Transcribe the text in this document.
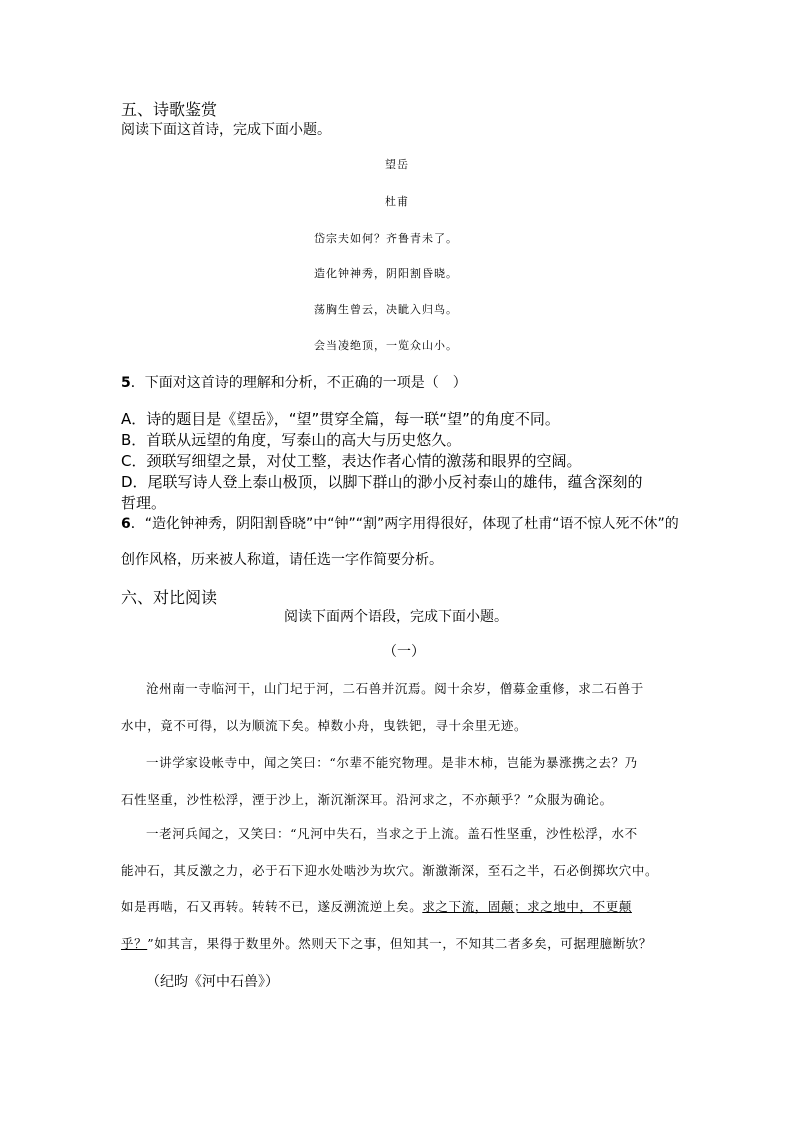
五、诗歌鉴赏
阅读下面这首诗，完成下面小题。
望岳
杜甫
岱宗夫如何？齐鲁青未了。
造化钟神秀，阴阳割昏晓。
荡胸生曾云，决眦入归鸟。
会当凌绝顶，一览众山小。
5．下面对这首诗的理解和分析，不正确的一项是（　）
A．诗的题目是《望岳》，“望”贯穿全篇，每一联“望”的角度不同。
B．首联从远望的角度，写泰山的高大与历史悠久。
C．颈联写细望之景，对仗工整，表达作者心情的激荡和眼界的空阔。
D．尾联写诗人登上泰山极顶，以脚下群山的渺小反衬泰山的雄伟，蕴含深刻的
哲理。
6．“造化钟神秀，阴阳割昏晓”中“钟”“割”两字用得很好，体现了杜甫“语不惊人死不休”的
创作风格，历来被人称道，请任选一字作简要分析。
六、对比阅读
阅读下面两个语段，完成下面小题。
（一）
沧州南一寺临河干，山门圮于河，二石兽并沉焉。阅十余岁，僧募金重修，求二石兽于
水中，竟不可得，以为顺流下矣。棹数小舟，曳铁钯，寻十余里无迹。
一讲学家设帐寺中，闻之笑曰：“尔辈不能究物理。是非木柿，岂能为暴涨携之去？乃
石性坚重，沙性松浮，湮于沙上，渐沉渐深耳。沿河求之，不亦颠乎？”众服为确论。
一老河兵闻之，又笑曰：“凡河中失石，当求之于上流。盖石性坚重，沙性松浮，水不
能冲石，其反激之力，必于石下迎水处啮沙为坎穴。渐激渐深，至石之半，石必倒掷坎穴中。
如是再啮，石又再转。转转不已，遂反溯流逆上矣。求之下流，固颠；求之地中，不更颠
乎？”如其言，果得于数里外。然则天下之事，但知其一，不知其二者多矣，可据理臆断欤？
（纪昀《河中石兽》）
